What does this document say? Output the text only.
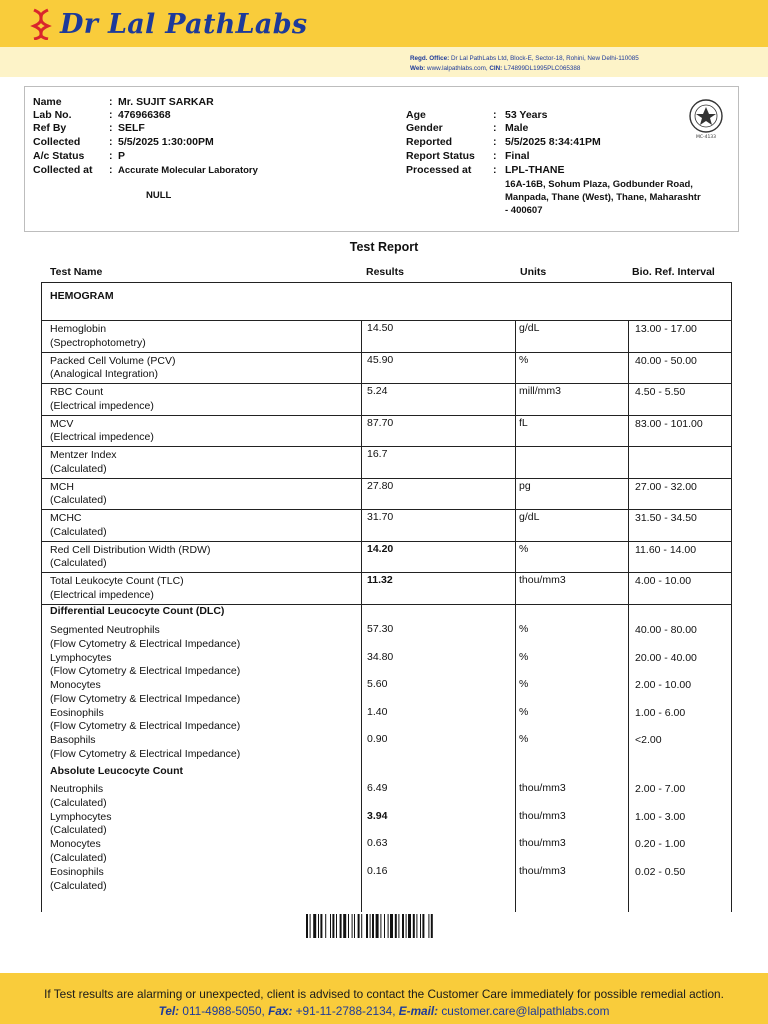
Dr Lal PathLabs
Regd. Office: Dr Lal PathLabs Ltd, Block-E, Sector-18, Rohini, New Delhi-110085
Web: www.lalpathlabs.com, CIN: L74899DL1995PLC065388
Name	: Mr. SUJIT SARKAR
Lab No.	: 476966368
Ref By	: SELF
Collected	: 5/5/2025 1:30:00PM
A/c Status : P
Collected at : Accurate Molecular Laboratory
NULL
Age	: 53 Years
Gender	: Male
Reported	: 5/5/2025 8:34:41PM
Report Status : Final
Processed at : LPL-THANE
16A-16B, Sohum Plaza, Godbunder Road,
Manpada, Thane (West), Thane, Maharashtr
- 400607
MC-4133
Test Report
Test Name	Results	Units	Bio. Ref. Interval
HEMOGRAM
Hemoglobin
(Spectrophotometry)
14.50	g/dL	13.00 - 17.00
Packed Cell Volume (PCV)
(Analogical Integration)
45.90	%	40.00 - 50.00
RBC Count
(Electrical impedence)
5.24	mill/mm3	4.50 - 5.50
MCV
(Electrical impedence)
87.70	fL	83.00 - 101.00
Mentzer Index
(Calculated)
16.7
MCH
(Calculated)
27.80	pg	27.00 - 32.00
MCHC
(Calculated)
31.70	g/dL	31.50 - 34.50
Red Cell Distribution Width (RDW)
(Calculated)
14.20	%	11.60 - 14.00
Total Leukocyte Count (TLC)
(Electrical impedence)
11.32	thou/mm3	4.00 - 10.00
Differential Leucocyte Count (DLC)
Segmented Neutrophils
(Flow Cytometry & Electrical Impedance)
57.30	%	40.00 - 80.00
Lymphocytes
(Flow Cytometry & Electrical Impedance)
34.80	%	20.00 - 40.00
Monocytes
(Flow Cytometry & Electrical Impedance)
5.60	%	2.00 - 10.00
Eosinophils
(Flow Cytometry & Electrical Impedance)
1.40	%	1.00 - 6.00
Basophils
(Flow Cytometry & Electrical Impedance)
0.90	%	<2.00
Absolute Leucocyte Count
Neutrophils
(Calculated)
6.49	thou/mm3	2.00 - 7.00
Lymphocytes
(Calculated)
3.94	thou/mm3	1.00 - 3.00
Monocytes
(Calculated)
0.63	thou/mm3	0.20 - 1.00
Eosinophils
(Calculated)
0.16	thou/mm3	0.02 - 0.50
If Test results are alarming or unexpected, client is advised to contact the Customer Care immediately for possible remedial action.
Tel: 011-4988-5050, Fax: +91-11-2788-2134, E-mail: customer.care@lalpathlabs.com
